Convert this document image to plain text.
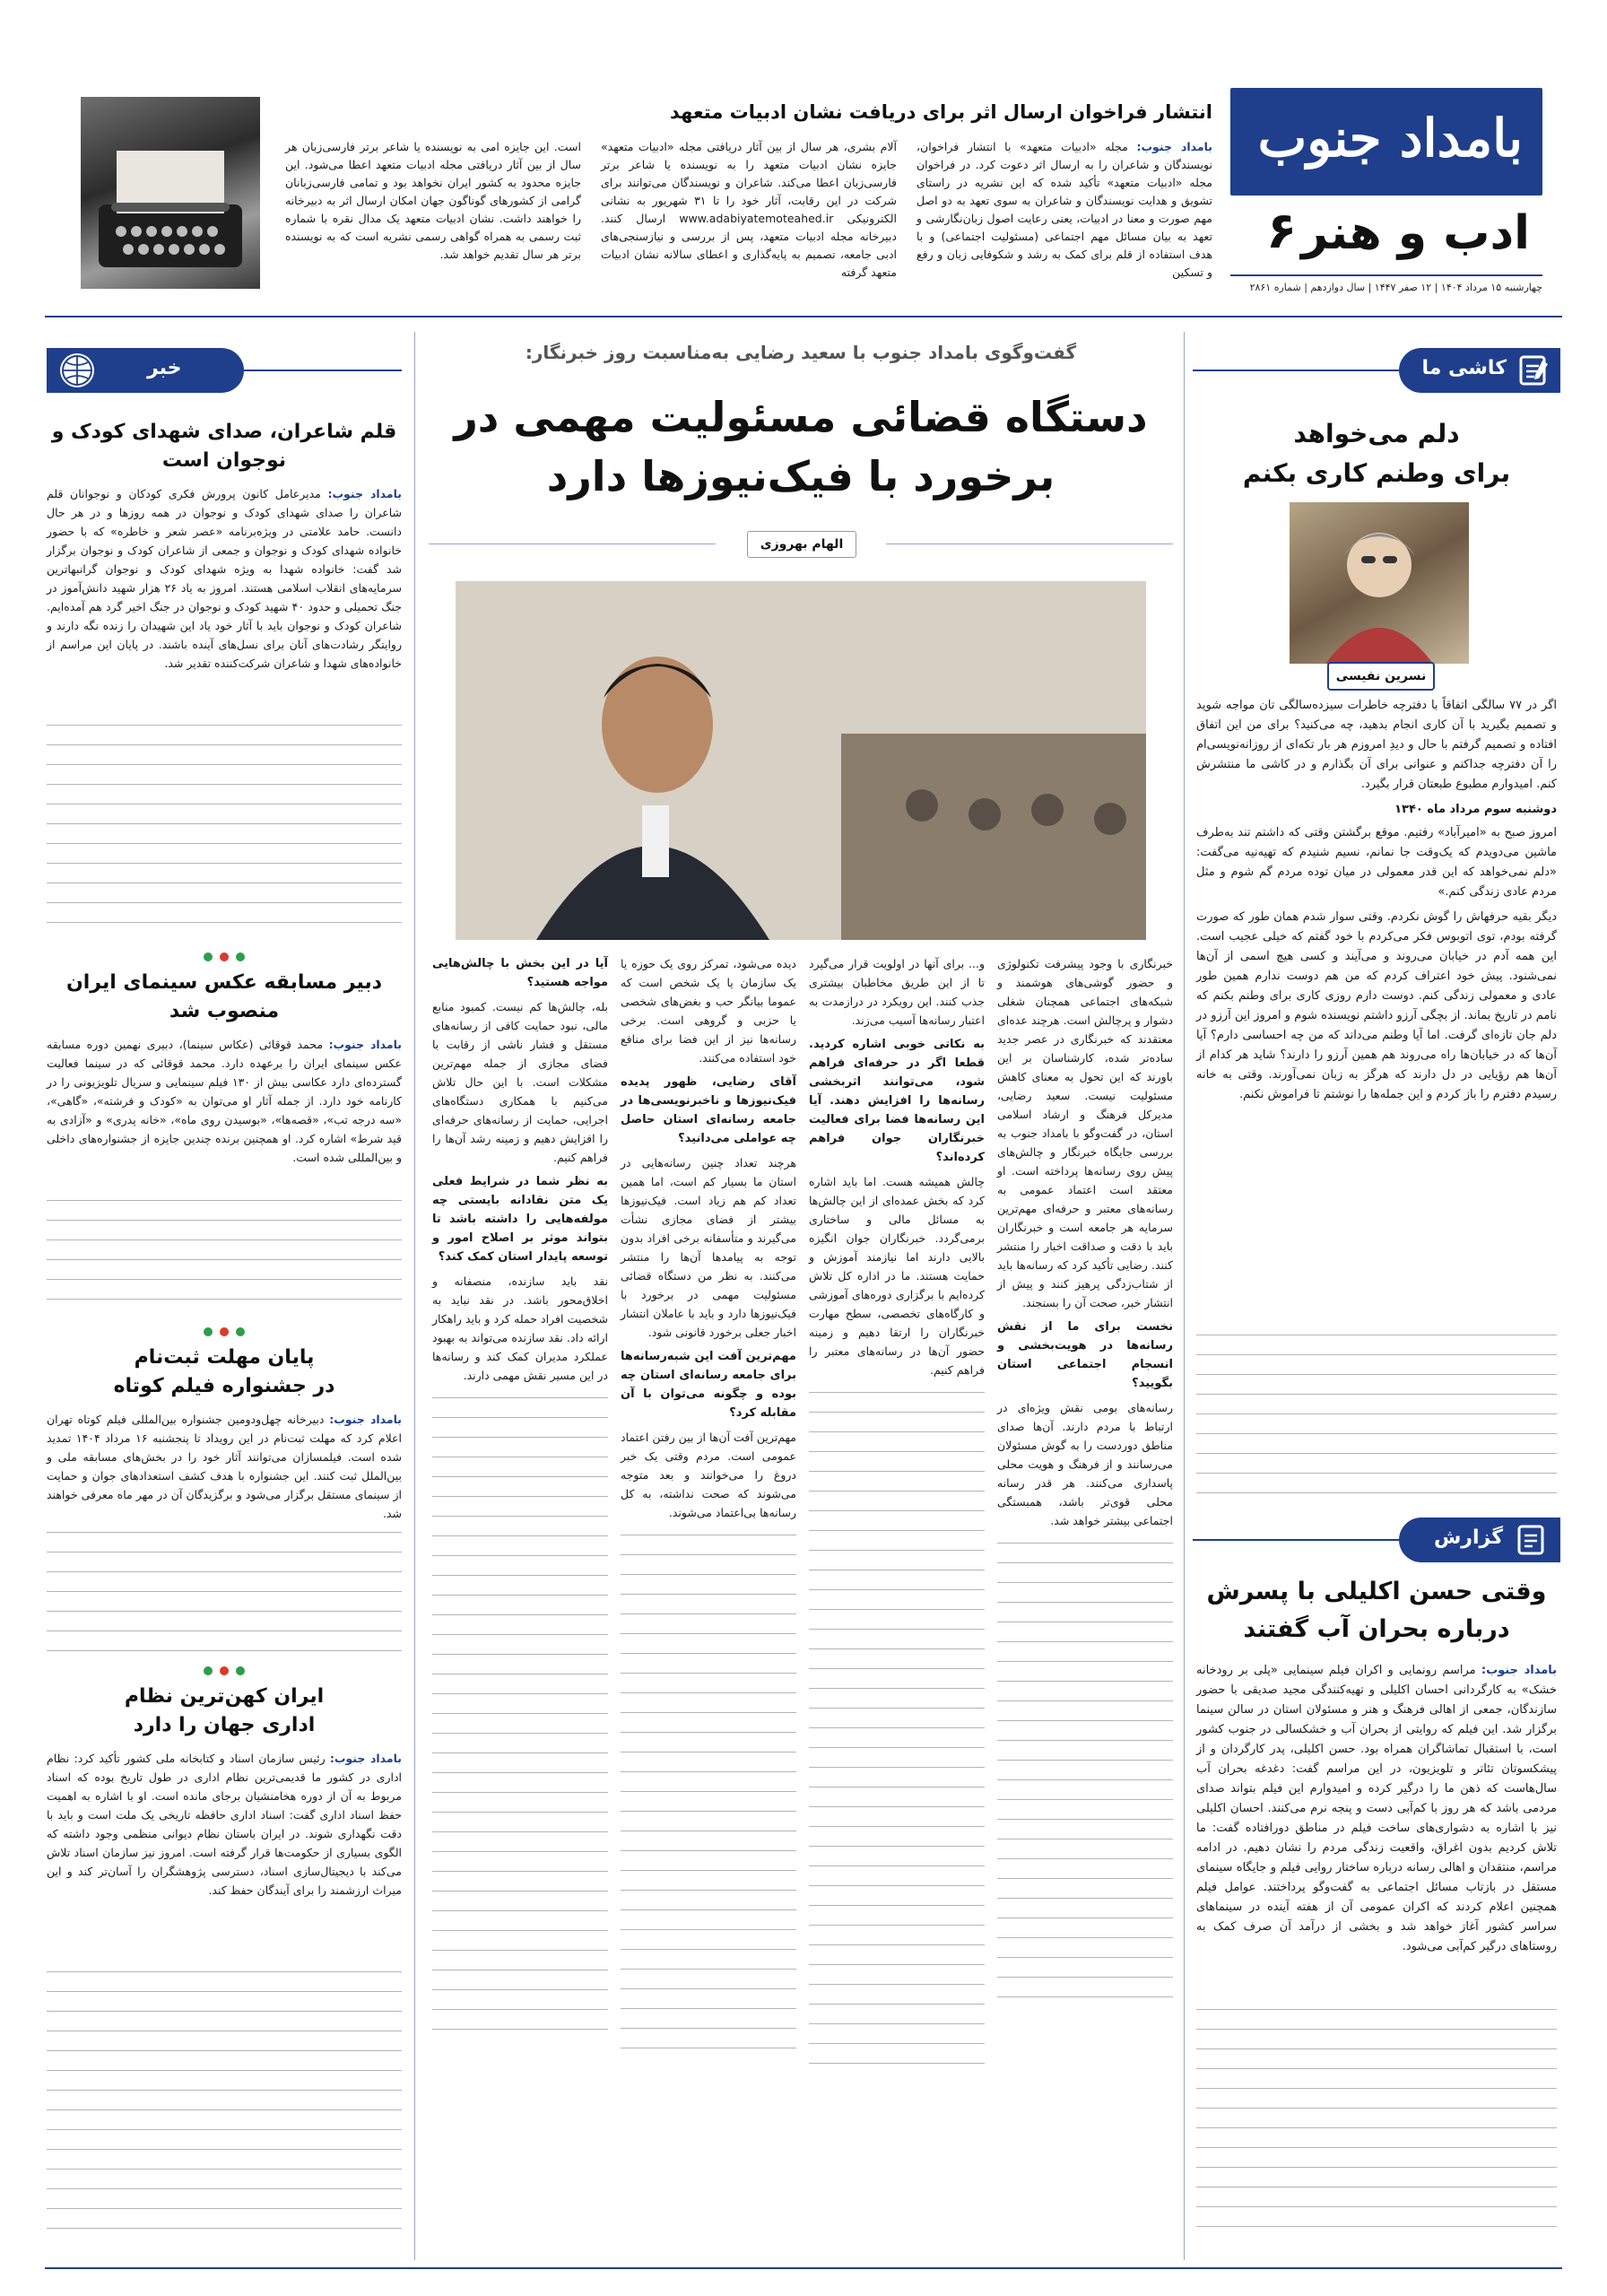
بامداد جنوب
ادب و هنر
۶
چهارشنبه ۱۵ مرداد ۱۴۰۴ | ۱۲ صفر ۱۴۴۷ | سال دوازدهم | شماره ۲۸۶۱
انتشار فراخوان ارسال اثر برای دریافت نشان ادبیات متعهد

بامداد جنوب: مجله «ادبیات متعهد» با انتشار فراخوان، نویسندگان و شاعران را به ارسال اثر دعوت کرد. در فراخوان مجله «ادبیات متعهد» تأکید شده که این نشریه در راستای تشویق و هدایت نویسندگان و شاعران به سوی تعهد به دو اصل مهم صورت و معنا در ادبیات، یعنی رعایت اصول زبان‌نگارشی و تعهد به بیان مسائل مهم اجتماعی (مسئولیت اجتماعی) و با هدف استفاده از قلم برای کمک به رشد و شکوفایی زبان و رفع و تسکین

آلام بشری، هر سال از بین آثار دریافتی مجله «ادبیات متعهد» جایزه نشان ادبیات متعهد را به نویسنده یا شاعر برتر فارسی‌زبان اعطا می‌کند. شاعران و نویسندگان می‌توانند برای شرکت در این رقابت، آثار خود را تا ۳۱ شهریور به نشانی الکترونیکی www.adabiyatemoteahed.ir ارسال کنند. دبیرخانه مجله ادبیات متعهد، پس از بررسی و نیازسنجی‌های ادبی جامعه، تصمیم به پایه‌گذاری و اعطای سالانه نشان ادبیات متعهد گرفته

است. این جایزه امی به نویسنده یا شاعر برتر فارسی‌زبان هر سال از بین آثار دریافتی مجله ادبیات متعهد اعطا می‌شود. این جایزه محدود به کشور ایران نخواهد بود و تمامی فارسی‌زبانان گرامی از کشورهای گوناگون جهان امکان ارسال اثر به دبیرخانه را خواهند داشت. نشان ادبیات متعهد یک مدال نقره با شماره ثبت رسمی به همراه گواهی رسمی نشریه است که به نویسنده برتر هر سال تقدیم خواهد شد.

کاشی ما
دلم می‌خواهد
برای وطنم کاری بکنم
نسرین نفیسی

اگر در ۷۷ سالگی اتفاقاً با دفترچه خاطرات سیزده‌سالگی تان مواجه شوید و تصمیم بگیرید با آن کاری انجام بدهید، چه می‌کنید؟ برای من این اتفاق افتاده و تصمیم گرفتم با حال و دیدِ امروزم هر بار تکه‌ای از روزانه‌نویسی‌ام را آن دفترچه جداکنم و عنوانی برای آن بگذارم و در کاشی ما منتشرش کنم. امیدوارم مطبوع طبعتان قرار بگیرد.

دوشنبه سوم مرداد ماه ۱۳۴۰

امروز صبح به «امیرآباد» رفتیم. موقع برگشتن وقتی که داشتم تند به‌طرف ماشین می‌دویدم که یک‌وقت جا نمانم، نسیم شنیدم که تهیه‌نیه می‌گفت: «دلم نمی‌خواهد که این قدر معمولی در میان توده مردم گم شوم و مثل مردم عادی زندگی کنم.»

دیگر بقیه حرفهاش را گوش نکردم. وقتی سوار شدم همان طور که صورت گرفته بودم، توی اتوبوس فکر می‌کردم با خود گفتم که خیلی عجیب است. این همه آدم در خیابان می‌روند و می‌آیند و کسی هیچ اسمی از آن‌ها نمی‌شنود. پیش خود اعتراف کردم که من هم دوست ندارم همین طور عادی و معمولی زندگی کنم. دوست دارم روزی کاری برای وطنم بکنم که نامم در تاریخ بماند. از بچگی آرزو داشتم نویسنده شوم و امروز این آرزو در دلم جان تازه‌ای گرفت. اما آیا وطنم می‌داند که من چه احساسی دارم؟ آیا آن‌ها که در خیابان‌ها راه می‌روند هم همین آرزو را دارند؟ شاید هر کدام از آن‌ها هم رؤیایی در دل دارند که هرگز به زبان نمی‌آورند. وقتی به خانه رسیدم دفترم را باز کردم و این جمله‌ها را نوشتم تا فراموش نکنم.

گزارش
وقتی حسن اکلیلی با پسرش
درباره بحران آب گفتند

بامداد جنوب: مراسم رونمایی و اکران فیلم سینمایی «پلی بر رودخانه خشک» به کارگردانی احسان اکلیلی و تهیه‌کنندگی مجید صدیقی با حضور سازندگان، جمعی از اهالی فرهنگ و هنر و مسئولان استان در سالن سینما برگزار شد. این فیلم که روایتی از بحران آب و خشکسالی در جنوب کشور است، با استقبال تماشاگران همراه بود. حسن اکلیلی، پدر کارگردان و از پیشکسوتان تئاتر و تلویزیون، در این مراسم گفت: دغدغه بحران آب سال‌هاست که ذهن ما را درگیر کرده و امیدوارم این فیلم بتواند صدای مردمی باشد که هر روز با کم‌آبی دست و پنجه نرم می‌کنند. احسان اکلیلی نیز با اشاره به دشواری‌های ساخت فیلم در مناطق دورافتاده گفت: ما تلاش کردیم بدون اغراق، واقعیت زندگی مردم را نشان دهیم. در ادامه مراسم، منتقدان و اهالی رسانه درباره ساختار روایی فیلم و جایگاه سینمای مستقل در بازتاب مسائل اجتماعی به گفت‌وگو پرداختند. عوامل فیلم همچنین اعلام کردند که اکران عمومی آن از هفته آینده در سینماهای سراسر کشور آغاز خواهد شد و بخشی از درآمد آن صرف کمک به روستاهای درگیر کم‌آبی می‌شود.

گفت‌وگوی بامداد جنوب با سعید رضایی به‌مناسبت روز خبرنگار:
دستگاه قضائی مسئولیت مهمی در
برخورد با فیک‌نیوزها دارد
الهام بهروزی

خبرنگاری با وجود پیشرفت تکنولوژی و حضور گوشی‌های هوشمند و شبکه‌های اجتماعی همچنان شغلی دشوار و پرچالش است. هرچند عده‌ای معتقدند که خبرنگاری در عصر جدید ساده‌تر شده، کارشناسان بر این باورند که این تحول به معنای کاهش مسئولیت نیست. سعید رضایی، مدیرکل فرهنگ و ارشاد اسلامی استان، در گفت‌وگو با بامداد جنوب به بررسی جایگاه خبرنگار و چالش‌های پیش روی رسانه‌ها پرداخته است. او معتقد است اعتماد عمومی به رسانه‌های معتبر و حرفه‌ای مهم‌ترین سرمایه هر جامعه است و خبرنگاران باید با دقت و صداقت اخبار را منتشر کنند. رضایی تأکید کرد که رسانه‌ها باید از شتاب‌زدگی پرهیز کنند و پیش از انتشار خبر، صحت آن را بسنجند.

نخست برای ما از نقش رسانه‌ها در هویت‌بخشی و انسجام اجتماعی استان بگویید؟

رسانه‌های بومی نقش ویژه‌ای در ارتباط با مردم دارند. آن‌ها صدای مناطق دوردست را به گوش مسئولان می‌رسانند و از فرهنگ و هویت محلی پاسداری می‌کنند. هر قدر رسانه محلی قوی‌تر باشد، همبستگی اجتماعی بیشتر خواهد شد.

و... برای آنها در اولویت قرار می‌گیرد تا از این طریق مخاطبان بیشتری جذب کنند. این رویکرد در درازمدت به اعتبار رسانه‌ها آسیب می‌زند.

به نکاتی خوبی اشاره کردید. قطعا اگر در حرفه‌ای فراهم شود، می‌توانند اثربخشی رسانه‌ها را افزایش دهند. آیا این رسانه‌ها فضا برای فعالیت خبرنگاران جوان فراهم کرده‌اند؟

چالش همیشه هست. اما باید اشاره کرد که بخش عمده‌ای از این چالش‌ها به مسائل مالی و ساختاری برمی‌گردد. خبرنگاران جوان انگیزه بالایی دارند اما نیازمند آموزش و حمایت هستند. ما در اداره کل تلاش کرده‌ایم با برگزاری دوره‌های آموزشی و کارگاه‌های تخصصی، سطح مهارت خبرنگاران را ارتقا دهیم و زمینه حضور آن‌ها در رسانه‌های معتبر را فراهم کنیم.

دیده می‌شود، تمرکز روی یک حوزه یا یک سازمان یا یک شخص است که عموما بیانگر حب و بغض‌های شخصی یا حزبی و گروهی است. برخی رسانه‌ها نیز از این فضا برای منافع خود استفاده می‌کنند.

آقای رضایی، ظهور پدیده فیک‌نیوزها و ناخبرنویسی‌ها در جامعه رسانه‌ای استان حاصل چه عواملی می‌دانید؟

هرچند تعداد چنین رسانه‌هایی در استان ما بسیار کم است، اما همین تعداد کم هم زیاد است. فیک‌نیوزها بیشتر از فضای مجازی نشأت می‌گیرند و متأسفانه برخی افراد بدون توجه به پیامدها آن‌ها را منتشر می‌کنند. به نظر من دستگاه قضائی مسئولیت مهمی در برخورد با فیک‌نیوزها دارد و باید با عاملان انتشار اخبار جعلی برخورد قانونی شود.

مهم‌ترین آفت این شبه‌رسانه‌ها برای جامعه رسانه‌ای استان چه بوده و چگونه می‌توان با آن مقابله کرد؟

مهم‌ترین آفت آن‌ها از بین رفتن اعتماد عمومی است. مردم وقتی یک خبر دروغ را می‌خوانند و بعد متوجه می‌شوند که صحت نداشته، به کل رسانه‌ها بی‌اعتماد می‌شوند.

آیا در این بخش با چالش‌هایی مواجه هستید؟

بله، چالش‌ها کم نیست. کمبود منابع مالی، نبود حمایت کافی از رسانه‌های مستقل و فشار ناشی از رقابت با فضای مجازی از جمله مهم‌ترین مشکلات است. با این حال تلاش می‌کنیم با همکاری دستگاه‌های اجرایی، حمایت از رسانه‌های حرفه‌ای را افزایش دهیم و زمینه رشد آن‌ها را فراهم کنیم.

به نظر شما در شرایط فعلی یک متن نقادانه بایستی چه مولفه‌هایی را داشته باشد تا بتواند موثر بر اصلاح امور و توسعه پایدار استان کمک کند؟

نقد باید سازنده، منصفانه و اخلاق‌محور باشد. در نقد نباید به شخصیت افراد حمله کرد و باید راهکار ارائه داد. نقد سازنده می‌تواند به بهبود عملکرد مدیران کمک کند و رسانه‌ها در این مسیر نقش مهمی دارند.

خبر
قلم شاعران، صدای شهدای کودک و
نوجوان است

بامداد جنوب: مدیرعامل کانون پرورش فکری کودکان و نوجوانان قلم شاعران را صدای شهدای کودک و نوجوان در همه روزها و در هر حال دانست. حامد علامتی در ویژه‌برنامه «عصر شعر و خاطره» که با حضور خانواده شهدای کودک و نوجوان و جمعی از شاعران کودک و نوجوان برگزار شد گفت: خانواده شهدا به ویژه شهدای کودک و نوجوان گرانبهاترین سرمایه‌های انقلاب اسلامی هستند. امروز به یاد ۲۶ هزار شهید دانش‌آموز در جنگ تحمیلی و حدود ۴۰ شهید کودک و نوجوان در جنگ اخیر گرد هم آمده‌ایم. شاعران کودک و نوجوان باید با آثار خود یاد این شهیدان را زنده نگه دارند و روایتگر رشادت‌های آنان برای نسل‌های آینده باشند. در پایان این مراسم از خانواده‌های شهدا و شاعران شرکت‌کننده تقدیر شد.

دبیر مسابقه عکس سینمای ایران
منصوب شد

بامداد جنوب: محمد قوقائی (عکاس سینما)، دبیری نهمین دوره مسابقه عکس سینمای ایران را برعهده دارد. محمد قوقائی که در سینما فعالیت گسترده‌ای دارد عکاسی بیش از ۱۳۰ فیلم سینمایی و سریال تلویزیونی را در کارنامه خود دارد. از جمله آثار او می‌توان به «کودک و فرشته»، «گاهی»، «سه درجه تب»، «قصه‌ها»، «بوسیدن روی ماه»، «خانه پدری» و «آزادی به قید شرط» اشاره کرد. او همچنین برنده چندین جایزه از جشنواره‌های داخلی و بین‌المللی شده است.

پایان مهلت ثبت‌نام
در جشنواره فیلم کوتاه

بامداد جنوب: دبیرخانه چهل‌ودومین جشنواره بین‌المللی فیلم کوتاه تهران اعلام کرد که مهلت ثبت‌نام در این رویداد تا پنجشنبه ۱۶ مرداد ۱۴۰۴ تمدید شده است. فیلمسازان می‌توانند آثار خود را در بخش‌های مسابقه ملی و بین‌الملل ثبت کنند. این جشنواره با هدف کشف استعدادهای جوان و حمایت از سینمای مستقل برگزار می‌شود و برگزیدگان آن در مهر ماه معرفی خواهند شد.

ایران کهن‌ترین نظام
اداری جهان را دارد

بامداد جنوب: رئیس سازمان اسناد و کتابخانه ملی کشور تأکید کرد: نظام اداری در کشور ما قدیمی‌ترین نظام اداری در طول تاریخ بوده که اسناد مربوط به آن از دوره هخامنشیان برجای مانده است. او با اشاره به اهمیت حفظ اسناد اداری گفت: اسناد اداری حافظه تاریخی یک ملت است و باید با دقت نگهداری شوند. در ایران باستان نظام دیوانی منظمی وجود داشته که الگوی بسیاری از حکومت‌ها قرار گرفته است. امروز نیز سازمان اسناد تلاش می‌کند با دیجیتال‌سازی اسناد، دسترسی پژوهشگران را آسان‌تر کند و این میراث ارزشمند را برای آیندگان حفظ کند.
